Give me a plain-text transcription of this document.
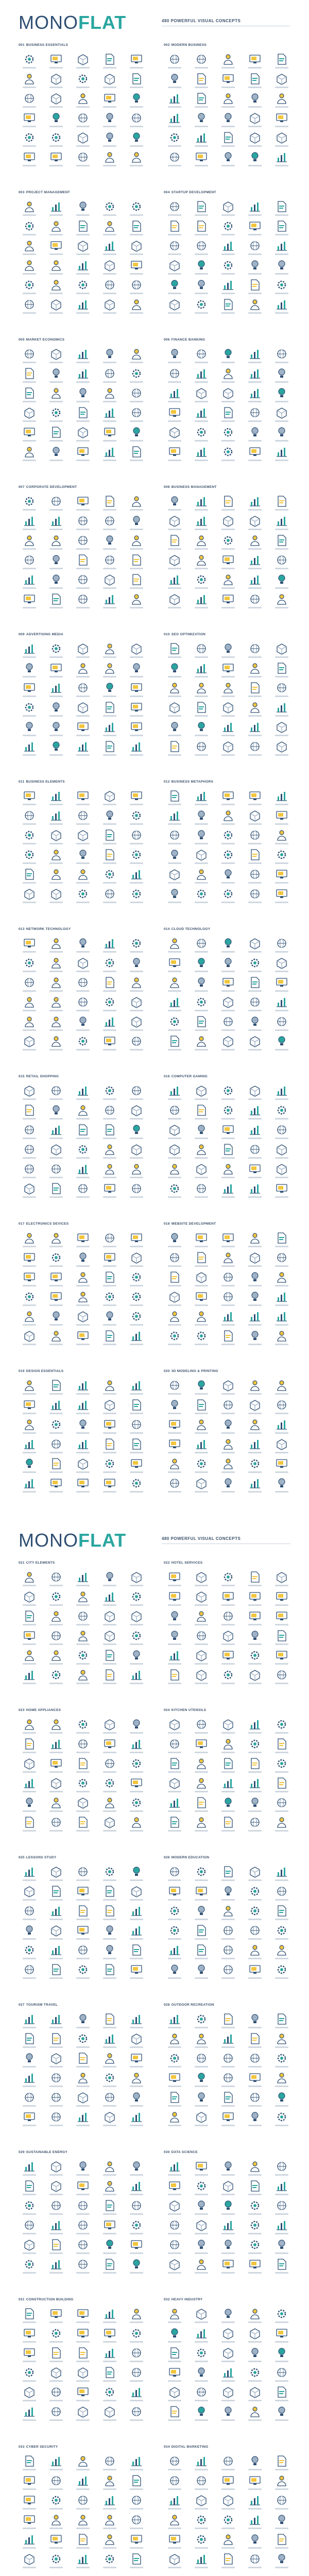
MONOFLAT	480 POWERFUL VISUAL CONCEPTS
001 BUSINESS ESSENTIALS	002 MODERN BUSINESS
003 PROJECT MANAGEMENT	004 STARTUP DEVELOPMENT
005 MARKET ECONOMICS	006 FINANCE BANKING
007 CORPORATE DEVELOPMENT	008 BUSINESS MANAGEMENT
009 ADVERTISING MEDIA	010 SEO OPTIMIZATION
011 BUSINESS ELEMENTS	012 BUSINESS METAPHORS
013 NETWORK TECHNOLOGY	014 CLOUD TECHNOLOGY
015 RETAIL SHOPPING	016 COMPUTER GAMING
017 ELECTRONICS DEVICES	018 WEBSITE DEVELOPMENT
019 DESIGN ESSENTIALS	020 3D MODELING & PRINTING
MONOFLAT	480 POWERFUL VISUAL CONCEPTS
021 CITY ELEMENTS	022 HOTEL SERVICES
023 HOME APPLIANCES	024 KITCHEN UTENSILS
025 LESSONS STUDY	026 MODERN EDUCATION
027 TOURISM TRAVEL	028 OUTDOOR RECREATION
029 SUSTAINABLE ENERGY	030 DATA SCIENCE
031 CONSTRUCTION BUILDING	032 HEAVY INDUSTRY
033 CYBER SECURITY	034 DIGITAL MARKETING
